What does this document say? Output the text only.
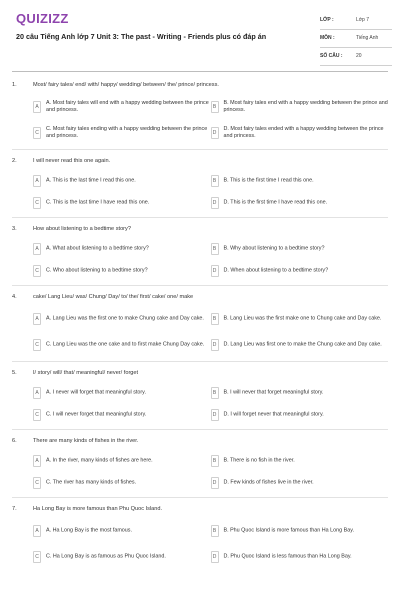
QUIZIZZ
20 câu Tiếng Anh lớp 7 Unit 3: The past - Writing - Friends plus có đáp án
LỚP :	Lớp 7
MÔN :	Tiếng Anh
SỐ CÂU :	20
1.	Most/ fairy tales/ end/ with/ happy/ wedding/ between/ the/ prince/ princess.
A
A. Most fairy tales will end with a happy wedding between the prince and princess.	B
B. Most fairy tales end with a happy wedding between the prince and princess.
C
C. Most fairy tales ending with a happy wedding between the prince and princess.	D
D. Most fairy tales ended with a happy wedding between the prince and princess.
2.	I will never read this one again.
A	A. This is the last time I read this one.	B	B. This is the first time I read this one.
C	C. This is the last time I have read this one.	D	D. This is the first time I have read this one.
3.	How about listening to a bedtime story?
A	A. What about listening to a bedtime story?	B	B. Why about listening to a bedtime story?
C	C. Who about listening to a bedtime story?	D	D. When about listening to a bedtime story?
4.	cake/ Lang Lieu/ was/ Chung/ Day/ to/ the/ first/ cake/ one/ make
A	A. Lang Lieu was the first one to make Chung cake and Day cake.	B	B. Lang Lieu was the first make one to Chung cake and Day cake.
C	C. Lang Lieu was the one cake and to first make Chung Day cake.	D	D. Lang Lieu was first one to make the Chung cake and Day cake.
5.	I/ story/ will/ that/ meaningful/ never/ forget
A	A. I never will forget that meaningful story.	B	B. I will never that forget meaningful story.
C	C. I will never forget that meaningful story.	D	D. I will forget never that meaningful story.
6.	There are many kinds of fishes in the river.
A	A. In the river, many kinds of fishes are here.	B	B. There is no fish in the river.
C	C. The river has many kinds of fishes.	D	D. Few kinds of fishes live in the river.
7.	Ha Long Bay is more famous than Phu Quoc Island.
A	A. Ha Long Bay is the most famous.	B	B. Phu Quoc Island is more famous than Ha Long Bay.
C	C. Ha Long Bay is as famous as Phu Quoc Island.	D	D. Phu Quoc Island is less famous than Ha Long Bay.
